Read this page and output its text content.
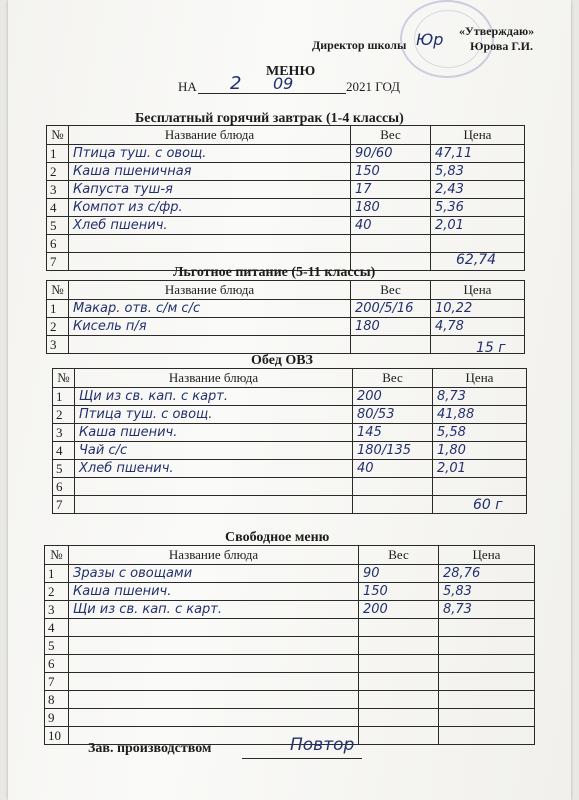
«Утверждаю»
Директор школы Юр Юрова Г.И.
МЕНЮ
НА 2 09	2021 ГОД
Бесплатный горячий завтрак (1-4 классы)
№	Название блюда	Вес	Цена
1	Птица туш. с овощ.	90/60	47,11
2	Каша пшеничная	150	5,83
3	Капуста туш-я	17	2,43
4	Компот из с/фр.	180	5,36
5	Хлеб пшенич.	40	2,01
6			
7				62,74
Льготное питание (5-11 классы)
№	Название блюда	Вес	Цена
1	Макар. отв. с/м с/с	200/5/16	10,22
2	Кисель п/я	180	4,78
3				15 г
Обед ОВЗ
№	Название блюда	Вес	Цена
1	Щи из св. кап. с карт.	200	8,73
2	Птица туш. с овощ.	80/53	41,88
3	Каша пшенич.	145	5,58
4	Чай с/с	180/135	1,80
5	Хлеб пшенич.	40	2,01
6			
7				60 г
Свободное меню
№	Название блюда	Вес	Цена
1	Зразы с овощами	90	28,76
2	Каша пшенич.	150	5,83
3	Щи из св. кап. с карт.	200	8,73
4			
5			
6			
7			
8			
9			
10			
Зав. производством	Повтор
